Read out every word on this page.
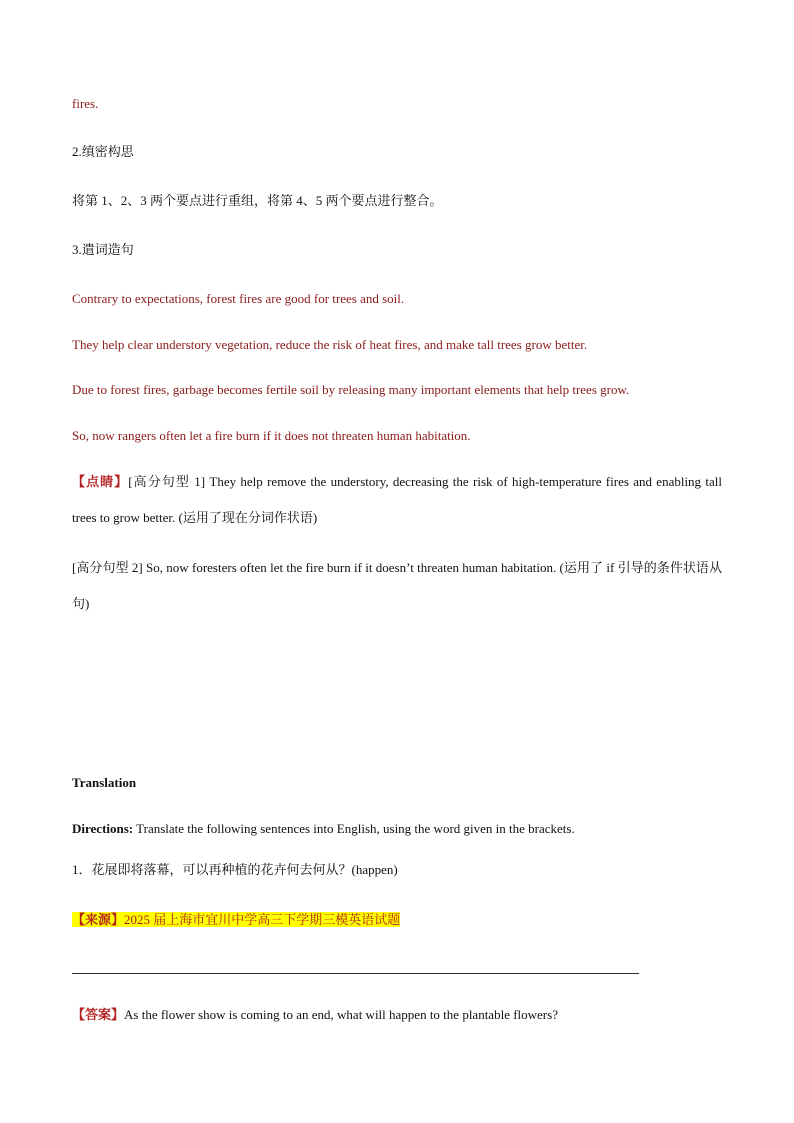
fires.
2.缜密构思
将第 1、2、3 两个要点进行重组，将第 4、5 两个要点进行整合。
3.遣词造句
Contrary to expectations, forest fires are good for trees and soil.
They help clear understory vegetation, reduce the risk of heat fires, and make tall trees grow better.
Due to forest fires, garbage becomes fertile soil by releasing many important elements that help trees grow.
So, now rangers often let a fire burn if it does not threaten human habitation.
【点睛】[高分句型 1] They help remove the understory, decreasing the risk of high-temperature fires and enabling tall trees to grow better. (运用了现在分词作状语)
[高分句型 2] So, now foresters often let the fire burn if it doesn’t threaten human habitation. (运用了 if 引导的条件状语从句)
Translation
Directions: Translate the following sentences into English, using the word given in the brackets.
1．花展即将落幕，可以再种植的花卉何去何从？(happen)
【来源】2025 届上海市宜川中学高三下学期三模英语试题
【答案】As the flower show is coming to an end, what will happen to the plantable flowers?
